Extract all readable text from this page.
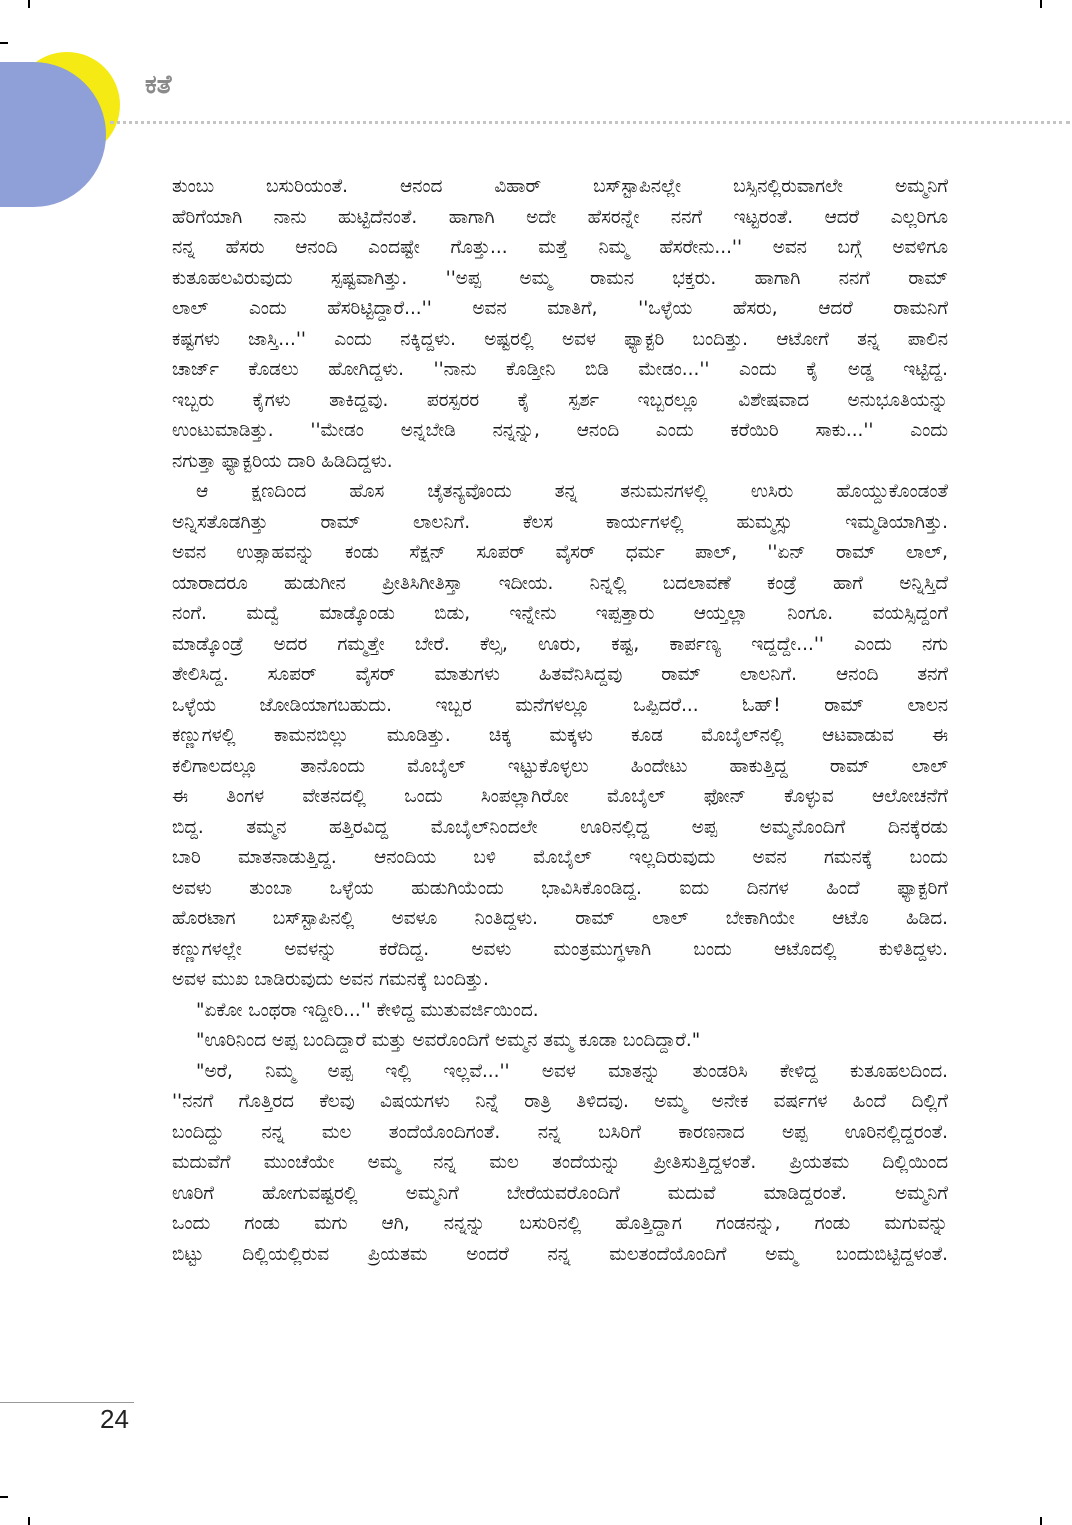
ಕತೆ

ತುಂಬು ಬಸುರಿಯಂತೆ. ಆನಂದ ವಿಹಾರ್ ಬಸ್‌ಸ್ಟಾಪಿನಲ್ಲೇ ಬಸ್ಸಿನಲ್ಲಿರುವಾಗಲೇ ಅಮ್ಮನಿಗೆ

ಹೆರಿಗೆಯಾಗಿ ನಾನು ಹುಟ್ಟಿದೆನಂತೆ. ಹಾಗಾಗಿ ಅದೇ ಹೆಸರನ್ನೇ ನನಗೆ ಇಟ್ಟರಂತೆ. ಆದರೆ ಎಲ್ಲರಿಗೂ

ನನ್ನ ಹೆಸರು ಆನಂದಿ ಎಂದಷ್ಟೇ ಗೊತ್ತು... ಮತ್ತೆ ನಿಮ್ಮ ಹೆಸರೇನು...'' ಅವನ ಬಗ್ಗೆ ಅವಳಿಗೂ

ಕುತೂಹಲವಿರುವುದು ಸ್ಪಷ್ಟವಾಗಿತ್ತು. ''ಅಪ್ಪ ಅಮ್ಮ ರಾಮನ ಭಕ್ತರು. ಹಾಗಾಗಿ ನನಗೆ ರಾಮ್

ಲಾಲ್ ಎಂದು ಹೆಸರಿಟ್ಟಿದ್ದಾರೆ...'' ಅವನ ಮಾತಿಗೆ, ''ಒಳ್ಳೆಯ ಹೆಸರು, ಆದರೆ ರಾಮನಿಗೆ

ಕಷ್ಟಗಳು ಜಾಸ್ತಿ...'' ಎಂದು ನಕ್ಕಿದ್ದಳು. ಅಷ್ಟರಲ್ಲಿ ಅವಳ ಫ್ಯಾಕ್ಟರಿ ಬಂದಿತ್ತು. ಆಟೋಗೆ ತನ್ನ ಪಾಲಿನ

ಚಾರ್ಜ್ ಕೊಡಲು ಹೋಗಿದ್ದಳು. ''ನಾನು ಕೊಡ್ತೀನಿ ಬಿಡಿ ಮೇಡಂ...'' ಎಂದು ಕೈ ಅಡ್ಡ ಇಟ್ಟಿದ್ದ.

ಇಬ್ಬರು ಕೈಗಳು ತಾಕಿದ್ದವು. ಪರಸ್ಪರರ ಕೈ ಸ್ಪರ್ಶ ಇಬ್ಬರಲ್ಲೂ ವಿಶೇಷವಾದ ಅನುಭೂತಿಯನ್ನು

ಉಂಟುಮಾಡಿತ್ತು. ''ಮೇಡಂ ಅನ್ನಬೇಡಿ ನನ್ನನ್ನು, ಆನಂದಿ ಎಂದು ಕರೆಯಿರಿ ಸಾಕು...'' ಎಂದು

ನಗುತ್ತಾ ಫ್ಯಾಕ್ಟರಿಯ ದಾರಿ ಹಿಡಿದಿದ್ದಳು.

ಆ ಕ್ಷಣದಿಂದ ಹೊಸ ಚೈತನ್ಯವೊಂದು ತನ್ನ ತನುಮನಗಳಲ್ಲಿ ಉಸಿರು ಹೊಯ್ದುಕೊಂಡಂತೆ

ಅನ್ನಿಸತೊಡಗಿತ್ತು ರಾಮ್ ಲಾಲನಿಗೆ. ಕೆಲಸ ಕಾರ್ಯಗಳಲ್ಲಿ ಹುಮ್ಮಸ್ಸು ಇಮ್ಮಡಿಯಾಗಿತ್ತು.

ಅವನ ಉತ್ಸಾಹವನ್ನು ಕಂಡು ಸೆಕ್ಷನ್ ಸೂಪರ್ ವೈಸರ್ ಧರ್ಮ ಪಾಲ್, ''ಏನ್ ರಾಮ್ ಲಾಲ್,

ಯಾರಾದರೂ ಹುಡುಗೀನ ಪ್ರೀತಿಸಿಗೀತಿಸ್ತಾ ಇದೀಯ. ನಿನ್ನಲ್ಲಿ ಬದಲಾವಣೆ ಕಂಡ್ರೆ ಹಾಗೆ ಅನ್ನಿಸ್ತಿದೆ

ನಂಗೆ. ಮದ್ವೆ ಮಾಡ್ಕೊಂಡು ಬಿಡು, ಇನ್ನೇನು ಇಪ್ಪತ್ತಾರು ಆಯ್ತಲ್ಲಾ ನಿಂಗೂ. ವಯಸ್ಸಿದ್ದಂಗೆ

ಮಾಡ್ಕೊಂಡ್ರೆ ಅದರ ಗಮ್ಮತ್ತೇ ಬೇರೆ. ಕೆಲ್ಸ, ಊರು, ಕಷ್ಟ, ಕಾರ್ಪಣ್ಯ ಇದ್ದದ್ದೇ...'' ಎಂದು ನಗು

ತೇಲಿಸಿದ್ದ. ಸೂಪರ್ ವೈಸರ್ ಮಾತುಗಳು ಹಿತವೆನಿಸಿದ್ದವು ರಾಮ್ ಲಾಲನಿಗೆ. ಆನಂದಿ ತನಗೆ

ಒಳ್ಳೆಯ ಜೋಡಿಯಾಗಬಹುದು. ಇಬ್ಬರ ಮನೆಗಳಲ್ಲೂ ಒಪ್ಪಿದರೆ... ಓಹ್! ರಾಮ್ ಲಾಲನ

ಕಣ್ಣುಗಳಲ್ಲಿ ಕಾಮನಬಿಲ್ಲು ಮೂಡಿತ್ತು. ಚಿಕ್ಕ ಮಕ್ಕಳು ಕೂಡ ಮೊಬೈಲ್‌ನಲ್ಲಿ ಆಟವಾಡುವ ಈ

ಕಲಿಗಾಲದಲ್ಲೂ ತಾನೊಂದು ಮೊಬೈಲ್ ಇಟ್ಟುಕೊಳ್ಳಲು ಹಿಂದೇಟು ಹಾಕುತ್ತಿದ್ದ ರಾಮ್ ಲಾಲ್

ಈ ತಿಂಗಳ ವೇತನದಲ್ಲಿ ಒಂದು ಸಿಂಪಲ್ಲಾಗಿರೋ ಮೊಬೈಲ್ ಫೋನ್ ಕೊಳ್ಳುವ ಆಲೋಚನೆಗೆ

ಬಿದ್ದ. ತಮ್ಮನ ಹತ್ತಿರವಿದ್ದ ಮೊಬೈಲ್‌ನಿಂದಲೇ ಊರಿನಲ್ಲಿದ್ದ ಅಪ್ಪ ಅಮ್ಮನೊಂದಿಗೆ ದಿನಕ್ಕೆರಡು

ಬಾರಿ ಮಾತನಾಡುತ್ತಿದ್ದ. ಆನಂದಿಯ ಬಳಿ ಮೊಬೈಲ್ ಇಲ್ಲದಿರುವುದು ಅವನ ಗಮನಕ್ಕೆ ಬಂದು

ಅವಳು ತುಂಬಾ ಒಳ್ಳೆಯ ಹುಡುಗಿಯೆಂದು ಭಾವಿಸಿಕೊಂಡಿದ್ದ. ಐದು ದಿನಗಳ ಹಿಂದೆ ಫ್ಯಾಕ್ಟರಿಗೆ

ಹೊರಟಾಗ ಬಸ್‌ಸ್ಟಾಪಿನಲ್ಲಿ ಅವಳೂ ನಿಂತಿದ್ದಳು. ರಾಮ್ ಲಾಲ್ ಬೇಕಾಗಿಯೇ ಆಟೊ ಹಿಡಿದ.

ಕಣ್ಣುಗಳಲ್ಲೇ ಅವಳನ್ನು ಕರೆದಿದ್ದ. ಅವಳು ಮಂತ್ರಮುಗ್ಧಳಾಗಿ ಬಂದು ಆಟೊದಲ್ಲಿ ಕುಳಿತಿದ್ದಳು.

ಅವಳ ಮುಖ ಬಾಡಿರುವುದು ಅವನ ಗಮನಕ್ಕೆ ಬಂದಿತ್ತು.

"ಏಕೋ ಒಂಥರಾ ಇದ್ದೀರಿ...'' ಕೇಳಿದ್ದ ಮುತುವರ್ಜಿಯಿಂದ.

"ಊರಿನಿಂದ ಅಪ್ಪ ಬಂದಿದ್ದಾರೆ ಮತ್ತು ಅವರೊಂದಿಗೆ ಅಮ್ಮನ ತಮ್ಮ ಕೂಡಾ ಬಂದಿದ್ದಾರೆ."

"ಅರೆ, ನಿಮ್ಮ ಅಪ್ಪ ಇಲ್ಲಿ ಇಲ್ಲವೆ...'' ಅವಳ ಮಾತನ್ನು ತುಂಡರಿಸಿ ಕೇಳಿದ್ದ ಕುತೂಹಲದಿಂದ.

''ನನಗೆ ಗೊತ್ತಿರದ ಕೆಲವು ವಿಷಯಗಳು ನಿನ್ನೆ ರಾತ್ರಿ ತಿಳಿದವು. ಅಮ್ಮ ಅನೇಕ ವರ್ಷಗಳ ಹಿಂದೆ ದಿಲ್ಲಿಗೆ

ಬಂದಿದ್ದು ನನ್ನ ಮಲ ತಂದೆಯೊಂದಿಗಂತೆ. ನನ್ನ ಬಸಿರಿಗೆ ಕಾರಣನಾದ ಅಪ್ಪ ಊರಿನಲ್ಲಿದ್ದರಂತೆ.

ಮದುವೆಗೆ ಮುಂಚೆಯೇ ಅಮ್ಮ ನನ್ನ ಮಲ ತಂದೆಯನ್ನು ಪ್ರೀತಿಸುತ್ತಿದ್ದಳಂತೆ. ಪ್ರಿಯತಮ ದಿಲ್ಲಿಯಿಂದ

ಊರಿಗೆ ಹೋಗುವಷ್ಟರಲ್ಲಿ ಅಮ್ಮನಿಗೆ ಬೇರೆಯವರೊಂದಿಗೆ ಮದುವೆ ಮಾಡಿದ್ದರಂತೆ. ಅಮ್ಮನಿಗೆ

ಒಂದು ಗಂಡು ಮಗು ಆಗಿ, ನನ್ನನ್ನು ಬಸುರಿನಲ್ಲಿ ಹೊತ್ತಿದ್ದಾಗ ಗಂಡನನ್ನು, ಗಂಡು ಮಗುವನ್ನು

ಬಿಟ್ಟು ದಿಲ್ಲಿಯಲ್ಲಿರುವ ಪ್ರಿಯತಮ ಅಂದರೆ ನನ್ನ ಮಲತಂದೆಯೊಂದಿಗೆ ಅಮ್ಮ ಬಂದುಬಿಟ್ಟಿದ್ದಳಂತೆ.

24
